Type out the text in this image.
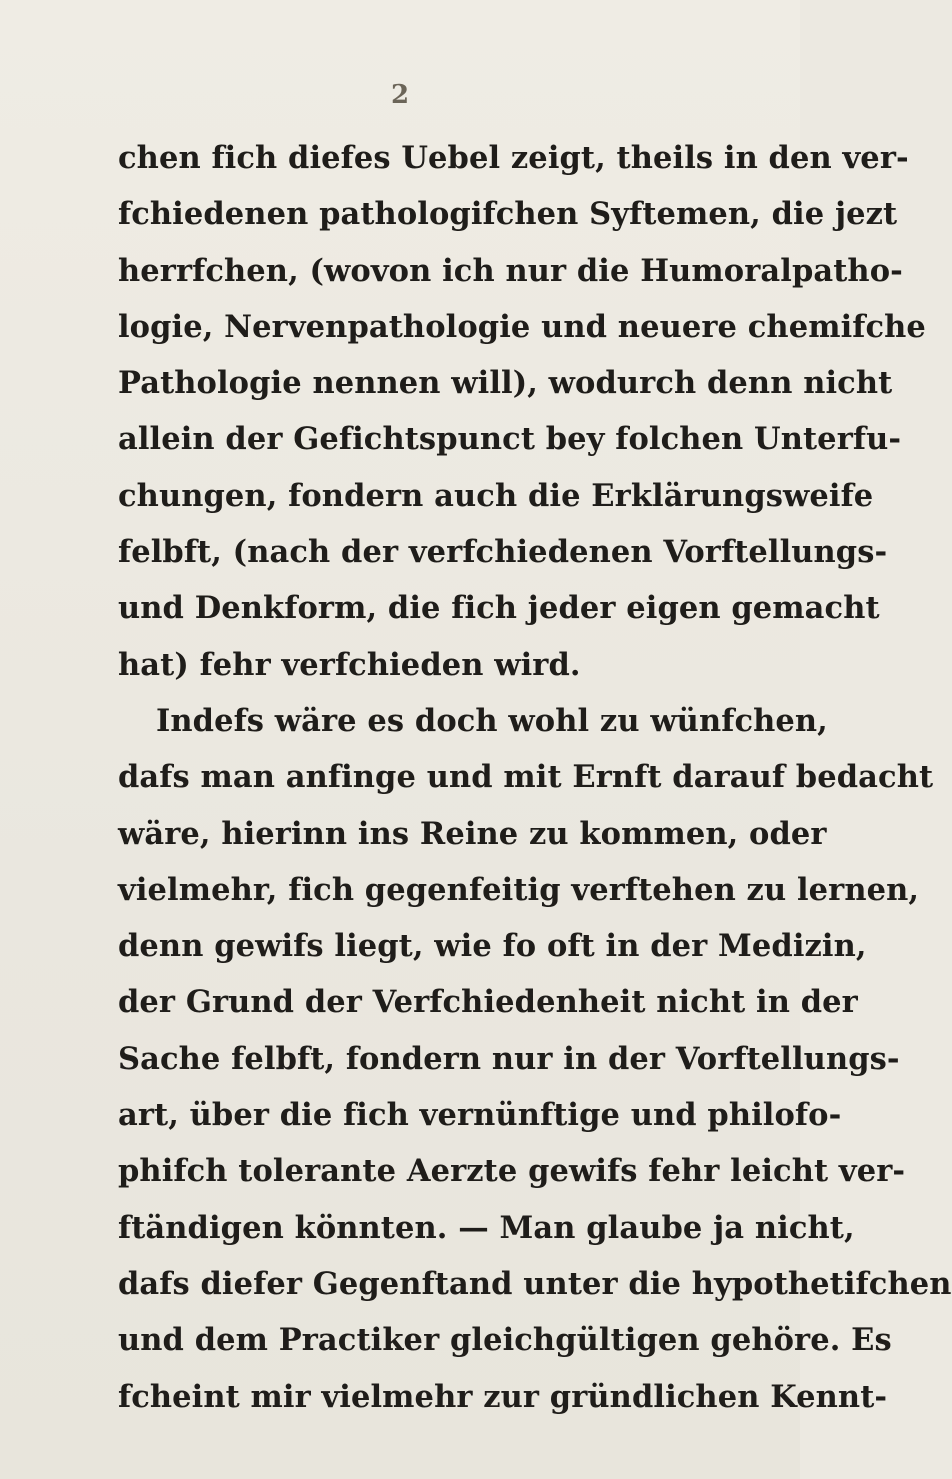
2
chen fich diefes Uebel zeigt, theils in den ver-
fchiedenen pathologifchen Syftemen, die jezt
herrfchen, (wovon ich nur die Humoralpatho-
logie, Nervenpathologie und neuere chemifche
Pathologie nennen will), wodurch denn nicht
allein der Gefichtspunct bey folchen Unterfu-
chungen, fondern auch die Erklärungsweife
felbft, (nach der verfchiedenen Vorftellungs-
und Denkform, die fich jeder eigen gemacht
hat) fehr verfchieden wird.
Indefs wäre es doch wohl zu wünfchen,
dafs man anfinge und mit Ernft darauf bedacht
wäre, hierinn ins Reine zu kommen, oder
vielmehr, fich gegenfeitig verftehen zu lernen,
denn gewifs liegt, wie fo oft in der Medizin,
der Grund der Verfchiedenheit nicht in der
Sache felbft, fondern nur in der Vorftellungs-
art, über die fich vernünftige und philofo-
phifch tolerante Aerzte gewifs fehr leicht ver-
ftändigen könnten. — Man glaube ja nicht,
dafs diefer Gegenftand unter die hypothetifchen
und dem Practiker gleichgültigen gehöre. Es
fcheint mir vielmehr zur gründlichen Kennt-
